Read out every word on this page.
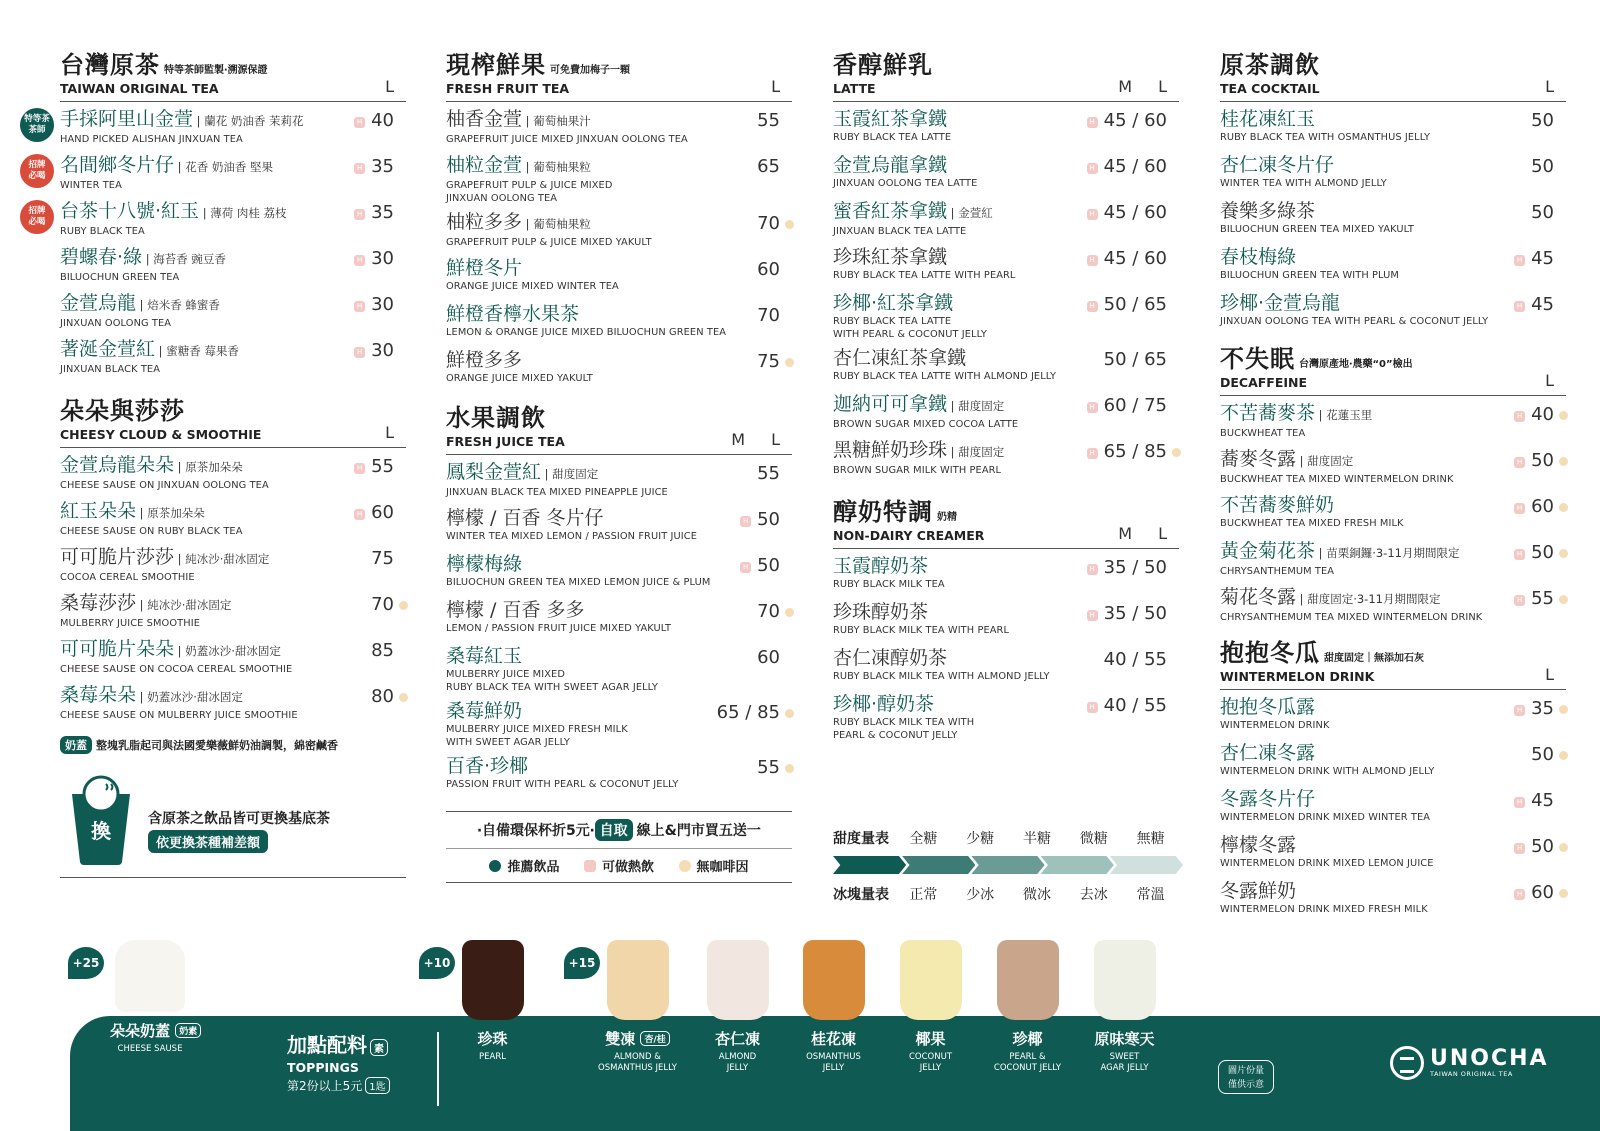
台灣原茶 特等茶師監製‧溯源保證
TAIWAN ORIGINAL TEA	L
特等茶
茶師 手採阿里山金萱 | 蘭花 奶油香 茉莉花
HAND PICKED ALISHAN JINXUAN TEA
H 40
招牌
必喝 名間鄉冬片仔 | 花香 奶油香 堅果
WINTER TEA
H 35
招牌
必喝 台茶十八號‧紅玉 | 薄荷 肉桂 荔枝
RUBY BLACK TEA
H 35
碧螺春‧綠 | 海苔香 豌豆香
BILUOCHUN GREEN TEA
H 30
金萱烏龍 | 焙米香 蜂蜜香
JINXUAN OOLONG TEA
H 30
著涎金萱紅 | 蜜糖香 莓果香
JINXUAN BLACK TEA
H 30
朵朵與莎莎
CHEESY CLOUD & SMOOTHIE	L
金萱烏龍朵朵 | 原茶加朵朵
CHEESE SAUSE ON JINXUAN OOLONG TEA
H 55
紅玉朵朵 | 原茶加朵朵
CHEESE SAUSE ON RUBY BLACK TEA
H 60
可可脆片莎莎 | 純冰沙‧甜冰固定
COCOA CEREAL SMOOTHIE
75
桑莓莎莎 | 純冰沙‧甜冰固定
MULBERRY JUICE SMOOTHIE
70
可可脆片朵朵 | 奶蓋冰沙‧甜冰固定
CHEESE SAUSE ON COCOA CEREAL SMOOTHIE
85
桑莓朵朵 | 奶蓋冰沙‧甜冰固定
CHEESE SAUSE ON MULBERRY JUICE SMOOTHIE
80
奶蓋 整塊乳脂起司與法國愛樂薇鮮奶油調製，綿密鹹香
換	含原茶之飲品皆可更換基底茶
依更換茶種補差額
現榨鮮果 可免費加梅子一顆
FRESH FRUIT TEA	L
柚香金萱 | 葡萄柚果汁
GRAPEFRUIT JUICE MIXED JINXUAN OOLONG TEA
55
柚粒金萱 | 葡萄柚果粒
GRAPEFRUIT PULP & JUICE MIXED
JINXUAN OOLONG TEA
65
柚粒多多 | 葡萄柚果粒
GRAPEFRUIT PULP & JUICE MIXED YAKULT
70
鮮橙冬片
ORANGE JUICE MIXED WINTER TEA
60
鮮橙香檸水果茶
LEMON & ORANGE JUICE MIXED BILUOCHUN GREEN TEA
70
鮮橙多多
ORANGE JUICE MIXED YAKULT
75
水果調飲
FRESH JUICE TEA	M L
鳳梨金萱紅 | 甜度固定
JINXUAN BLACK TEA MIXED PINEAPPLE JUICE
55
檸檬 / 百香 冬片仔
WINTER TEA MIXED LEMON / PASSION FRUIT JUICE
H 50
檸檬梅綠
BILUOCHUN GREEN TEA MIXED LEMON JUICE & PLUM
H 50
檸檬 / 百香 多多
LEMON / PASSION FRUIT JUICE MIXED YAKULT
70
桑莓紅玉
MULBERRY JUICE MIXED
RUBY BLACK TEA WITH SWEET AGAR JELLY
60
桑莓鮮奶
MULBERRY JUICE MIXED FRESH MILK
WITH SWEET AGAR JELLY
65 / 85
百香‧珍椰
PASSION FRUIT WITH PEARL & COCONUT JELLY
55
‧自備環保杯折5元‧ 自取 線上&門市買五送一
推薦飲品	可做熱飲	無咖啡因
香醇鮮乳
LATTE	M L
玉霞紅茶拿鐵
RUBY BLACK TEA LATTE
H 45 / 60
金萱烏龍拿鐵
JINXUAN OOLONG TEA LATTE
H 45 / 60
蜜香紅茶拿鐵 | 金萱紅
JINXUAN BLACK TEA LATTE
H 45 / 60
珍珠紅茶拿鐵
RUBY BLACK TEA LATTE WITH PEARL
H 45 / 60
珍椰‧紅茶拿鐵
RUBY BLACK TEA LATTE
WITH PEARL & COCONUT JELLY
H 50 / 65
杏仁凍紅茶拿鐵
RUBY BLACK TEA LATTE WITH ALMOND JELLY
50 / 65
迦納可可拿鐵 | 甜度固定
BROWN SUGAR MIXED COCOA LATTE
H 60 / 75
黑糖鮮奶珍珠 | 甜度固定
BROWN SUGAR MILK WITH PEARL
H 65 / 85
醇奶特調 奶精
NON-DAIRY CREAMER	M L
玉霞醇奶茶
RUBY BLACK MILK TEA
H 35 / 50
珍珠醇奶茶
RUBY BLACK MILK TEA WITH PEARL
H 35 / 50
杏仁凍醇奶茶
RUBY BLACK MILK TEA WITH ALMOND JELLY
40 / 55
珍椰‧醇奶茶
RUBY BLACK MILK TEA WITH
PEARL & COCONUT JELLY
H 40 / 55
甜度量表	全糖	少糖	半糖	微糖	無糖
冰塊量表	正常	少冰	微冰	去冰	常溫
原茶調飲
TEA COCKTAIL	L
桂花凍紅玉
RUBY BLACK TEA WITH OSMANTHUS JELLY
50
杏仁凍冬片仔
WINTER TEA WITH ALMOND JELLY
50
養樂多綠茶
BILUOCHUN GREEN TEA MIXED YAKULT
50
春枝梅綠
BILUOCHUN GREEN TEA WITH PLUM
H 45
珍椰‧金萱烏龍
JINXUAN OOLONG TEA WITH PEARL & COCONUT JELLY
H 45
不失眠 台灣原產地‧農藥“0”檢出
DECAFFEINE	L
不苦蕎麥茶 | 花蓮玉里
BUCKWHEAT TEA
H 40
蕎麥冬露 | 甜度固定
BUCKWHEAT TEA MIXED WINTERMELON DRINK
H 50
不苦蕎麥鮮奶
BUCKWHEAT TEA MIXED FRESH MILK
H 60
黃金菊花茶 | 苗栗銅鑼‧3-11月期間限定
CHRYSANTHEMUM TEA
H 50
菊花冬露 | 甜度固定‧3-11月期間限定
CHRYSANTHEMUM TEA MIXED WINTERMELON DRINK
H 55
抱抱冬瓜 甜度固定｜無添加石灰
WINTERMELON DRINK	L
抱抱冬瓜露
WINTERMELON DRINK
H 35
杏仁凍冬露
WINTERMELON DRINK WITH ALMOND JELLY
50
冬露冬片仔
WINTERMELON DRINK MIXED WINTER TEA
H 45
檸檬冬露
WINTERMELON DRINK MIXED LEMON JUICE
H 50
冬露鮮奶
WINTERMELON DRINK MIXED FRESH MILK
H 60
朵朵奶蓋 奶素
CHEESE SAUSE
+25
加點配料 素
TOPPINGS
第2份以上5元 1匙
珍珠
PEARL
+10
雙凍 杏/桂
ALMOND &
OSMANTHUS JELLY
+15
杏仁凍
ALMOND
JELLY
桂花凍
OSMANTHUS
JELLY
椰果
COCONUT
JELLY
珍椰
PEARL &
COCONUT JELLY
原味寒天
SWEET
AGAR JELLY	圖片份量
僅供示意
UNOCHA
TAIWAN ORIGINAL TEA
